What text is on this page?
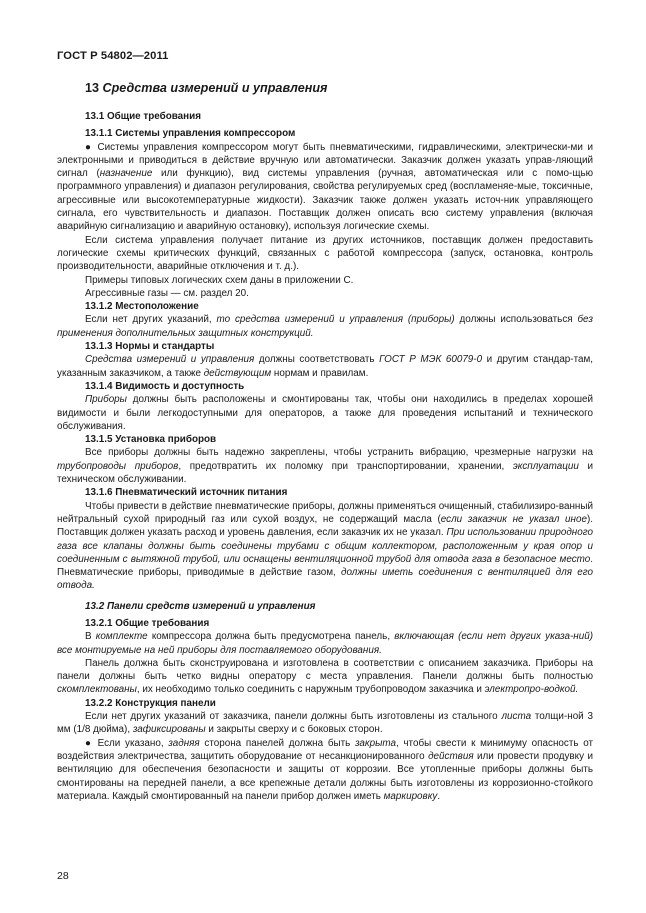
ГОСТ Р 54802—2011
13 Средства измерений и управления
13.1 Общие требования
13.1.1 Системы управления компрессором

● Системы управления компрессором могут быть пневматическими, гидравлическими, электрически-ми и электронными и приводиться в действие вручную или автоматически. Заказчик должен указать управ-ляющий сигнал (назначение или функцию), вид системы управления (ручная, автоматическая или с помо-щью программного управления) и диапазон регулирования, свойства регулируемых сред (воспламеняе-мые, токсичные, агрессивные или высокотемпературные жидкости). Заказчик также должен указать источ-ник управляющего сигнала, его чувствительность и диапазон. Поставщик должен описать всю систему управления (включая аварийную сигнализацию и аварийную остановку), используя логические схемы.

Если система управления получает питание из других источников, поставщик должен предоставить логические схемы критических функций, связанных с работой компрессора (запуск, остановка, контроль производительности, аварийные отключения и т. д.).

Примеры типовых логических схем даны в приложении С.

Агрессивные газы — см. раздел 20.

13.1.2 Местоположение

Если нет других указаний, то средства измерений и управления (приборы) должны использоваться без применения дополнительных защитных конструкций.

13.1.3 Нормы и стандарты

Средства измерений и управления должны соответствовать ГОСТ Р МЭК 60079-0 и другим стандар-там, указанным заказчиком, а также действующим нормам и правилам.

13.1.4 Видимость и доступность

Приборы должны быть расположены и смонтированы так, чтобы они находились в пределах хорошей видимости и были легкодоступными для операторов, а также для проведения испытаний и технического обслуживания.

13.1.5 Установка приборов

Все приборы должны быть надежно закреплены, чтобы устранить вибрацию, чрезмерные нагрузки на трубопроводы приборов, предотвратить их поломку при транспортировании, хранении, эксплуатации и техническом обслуживании.

13.1.6 Пневматический источник питания

Чтобы привести в действие пневматические приборы, должны применяться очищенный, стабилизиро-ванный нейтральный сухой природный газ или сухой воздух, не содержащий масла (если заказчик не указал иное). Поставщик должен указать расход и уровень давления, если заказчик их не указал. При использовании природного газа все клапаны должны быть соединены трубами с общим коллектором, расположенным у края опор и соединенным с вытяжной трубой, или оснащены вентиляционной трубой для отвода газа в безопасное место. Пневматические приборы, приводимые в действие газом, должны иметь соединения с вентиляцией для его отвода.

13.2 Панели средств измерений и управления
13.2.1 Общие требования

В комплекте компрессора должна быть предусмотрена панель, включающая (если нет других указа-ний) все монтируемые на ней приборы для поставляемого оборудования.

Панель должна быть сконструирована и изготовлена в соответствии с описанием заказчика. Приборы на панели должны быть четко видны оператору с места управления. Панели должны быть полностью скомплектованы, их необходимо только соединить с наружным трубопроводом заказчика и электропро-водкой.

13.2.2 Конструкция панели

Если нет других указаний от заказчика, панели должны быть изготовлены из стального листа толщи-ной 3 мм (1/8 дюйма), зафиксированы и закрыты сверху и с боковых сторон.

● Если указано, задняя сторона панелей должна быть закрыта, чтобы свести к минимуму опасность от воздействия электричества, защитить оборудование от несанкционированного действия или провести продувку и вентиляцию для обеспечения безопасности и защиты от коррозии. Все утопленные приборы должны быть смонтированы на передней панели, а все крепежные детали должны быть изготовлены из коррозионно-стойкого материала. Каждый смонтированный на панели прибор должен иметь маркировку.

28
